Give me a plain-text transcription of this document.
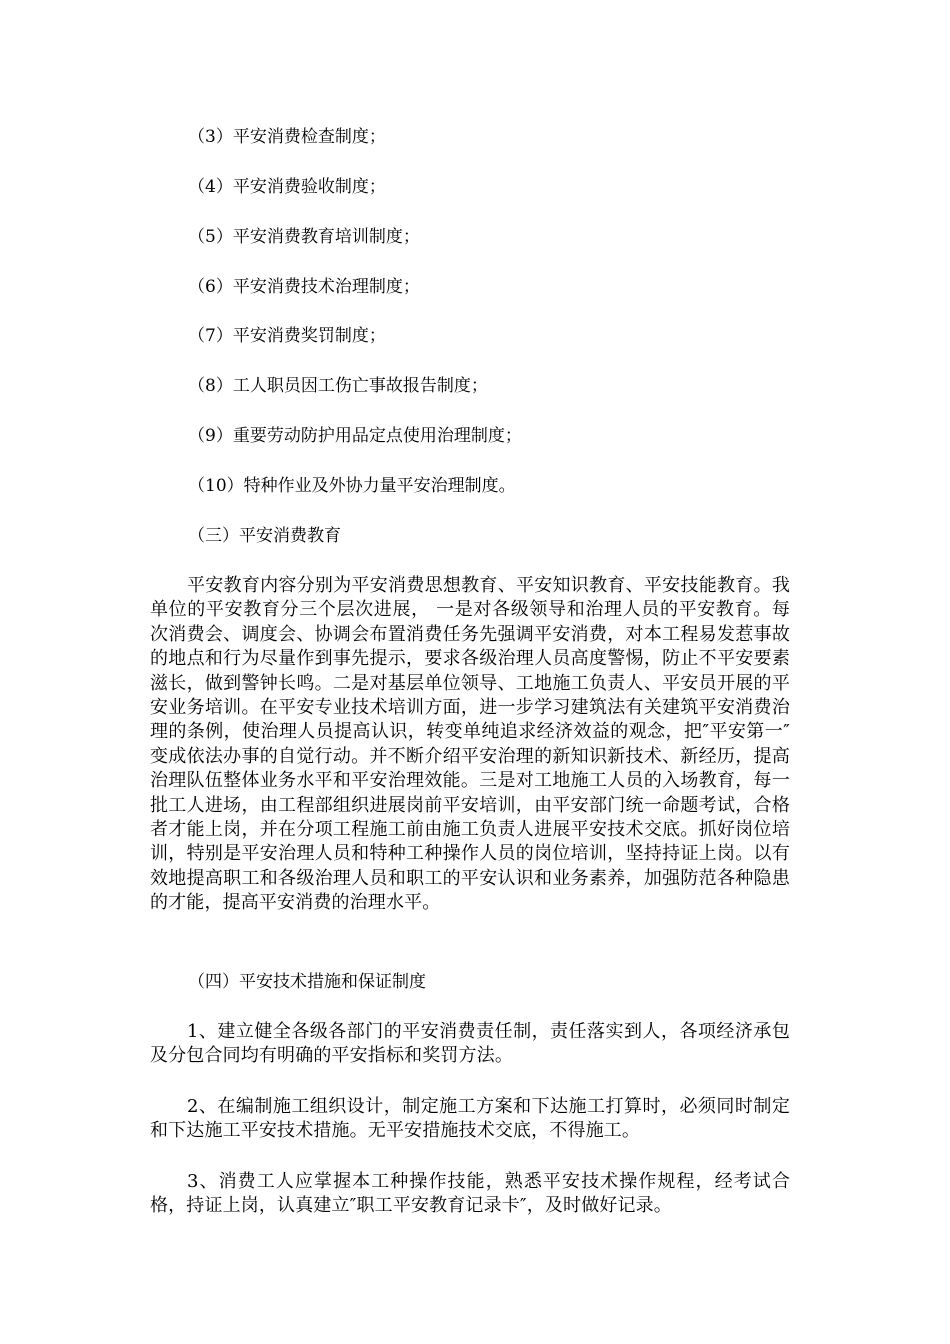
（3）平安消费检查制度；

（4）平安消费验收制度；

（5）平安消费教育培训制度；

（6）平安消费技术治理制度；

（7）平安消费奖罚制度；

（8）工人职员因工伤亡事故报告制度；

（9）重要劳动防护用品定点使用治理制度；

（10）特种作业及外协力量平安治理制度。

（三）平安消费教育

平安教育内容分别为平安消费思想教育、平安知识教育、平安技能教育。我单位的平安教育分三个层次进展， 一是对各级领导和治理人员的平安教育。每次消费会、调度会、协调会布置消费任务先强调平安消费，对本工程易发惹事故的地点和行为尽量作到事先提示，要求各级治理人员高度警惕，防止不平安要素滋长，做到警钟长鸣。二是对基层单位领导、工地施工负责人、平安员开展的平安业务培训。在平安专业技术培训方面，进一步学习建筑法有关建筑平安消费治理的条例，使治理人员提高认识，转变单纯追求经济效益的观念，把″平安第一″变成依法办事的自觉行动。并不断介绍平安治理的新知识新技术、新经历，提高治理队伍整体业务水平和平安治理效能。三是对工地施工人员的入场教育，每一批工人进场，由工程部组织进展岗前平安培训，由平安部门统一命题考试，合格者才能上岗，并在分项工程施工前由施工负责人进展平安技术交底。抓好岗位培训，特别是平安治理人员和特种工种操作人员的岗位培训，坚持持证上岗。以有效地提高职工和各级治理人员和职工的平安认识和业务素养，加强防范各种隐患的才能，提高平安消费的治理水平。

（四）平安技术措施和保证制度

1、建立健全各级各部门的平安消费责任制，责任落实到人，各项经济承包及分包合同均有明确的平安指标和奖罚方法。

2、在编制施工组织设计，制定施工方案和下达施工打算时，必须同时制定和下达施工平安技术措施。无平安措施技术交底，不得施工。

3、消费工人应掌握本工种操作技能，熟悉平安技术操作规程，经考试合格，持证上岗，认真建立″职工平安教育记录卡″，及时做好记录。
